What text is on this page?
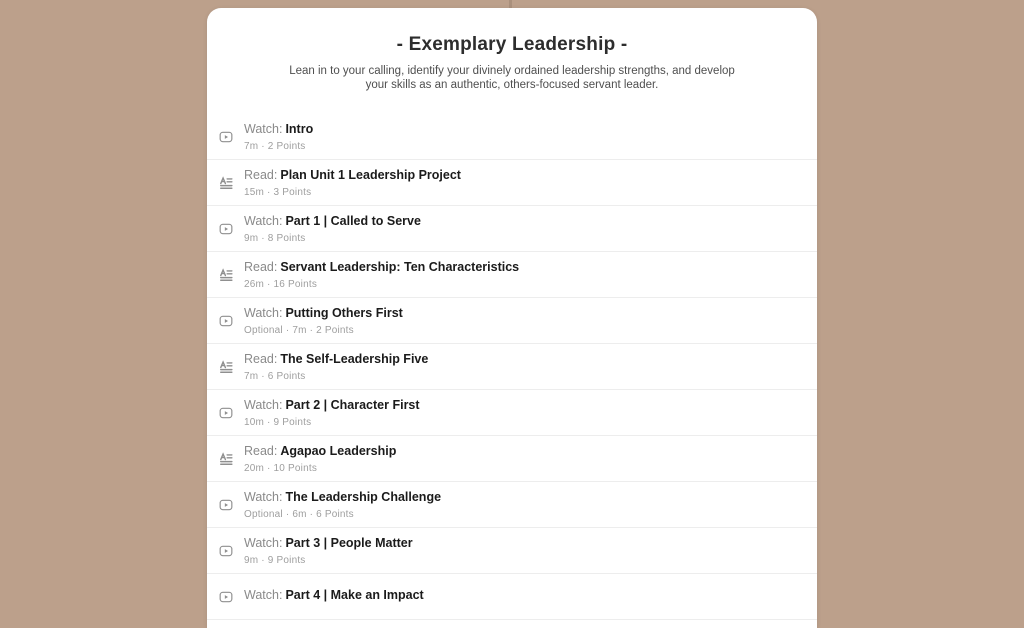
- Exemplary Leadership -
Lean in to your calling, identify your divinely ordained leadership strengths, and develop your skills as an authentic, others-focused servant leader.
Watch: Intro
7m · 2 Points
Read: Plan Unit 1 Leadership Project
15m · 3 Points
Watch: Part 1 | Called to Serve
9m · 8 Points
Read: Servant Leadership: Ten Characteristics
26m · 16 Points
Watch: Putting Others First
Optional · 7m · 2 Points
Read: The Self-Leadership Five
7m · 6 Points
Watch: Part 2 | Character First
10m · 9 Points
Read: Agapao Leadership
20m · 10 Points
Watch: The Leadership Challenge
Optional · 6m · 6 Points
Watch: Part 3 | People Matter
9m · 9 Points
Watch: Part 4 | Make an Impact
